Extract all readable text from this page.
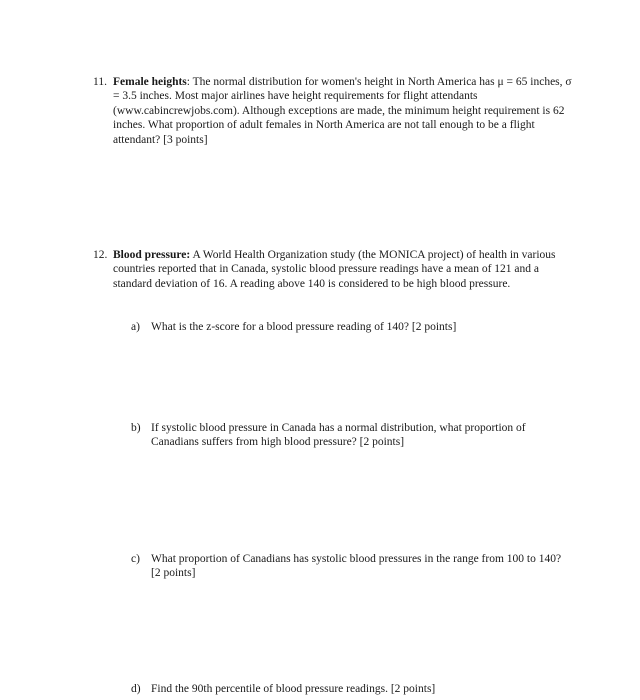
11. Female heights: The normal distribution for women's height in North America has μ = 65 inches, σ = 3.5 inches. Most major airlines have height requirements for flight attendants (www.cabincrewjobs.com). Although exceptions are made, the minimum height requirement is 62 inches. What proportion of adult females in North America are not tall enough to be a flight attendant? [3 points]
12. Blood pressure: A World Health Organization study (the MONICA project) of health in various countries reported that in Canada, systolic blood pressure readings have a mean of 121 and a standard deviation of 16. A reading above 140 is considered to be high blood pressure.
a) What is the z-score for a blood pressure reading of 140? [2 points]
b) If systolic blood pressure in Canada has a normal distribution, what proportion of Canadians suffers from high blood pressure? [2 points]
c) What proportion of Canadians has systolic blood pressures in the range from 100 to 140? [2 points]
d) Find the 90th percentile of blood pressure readings. [2 points]
